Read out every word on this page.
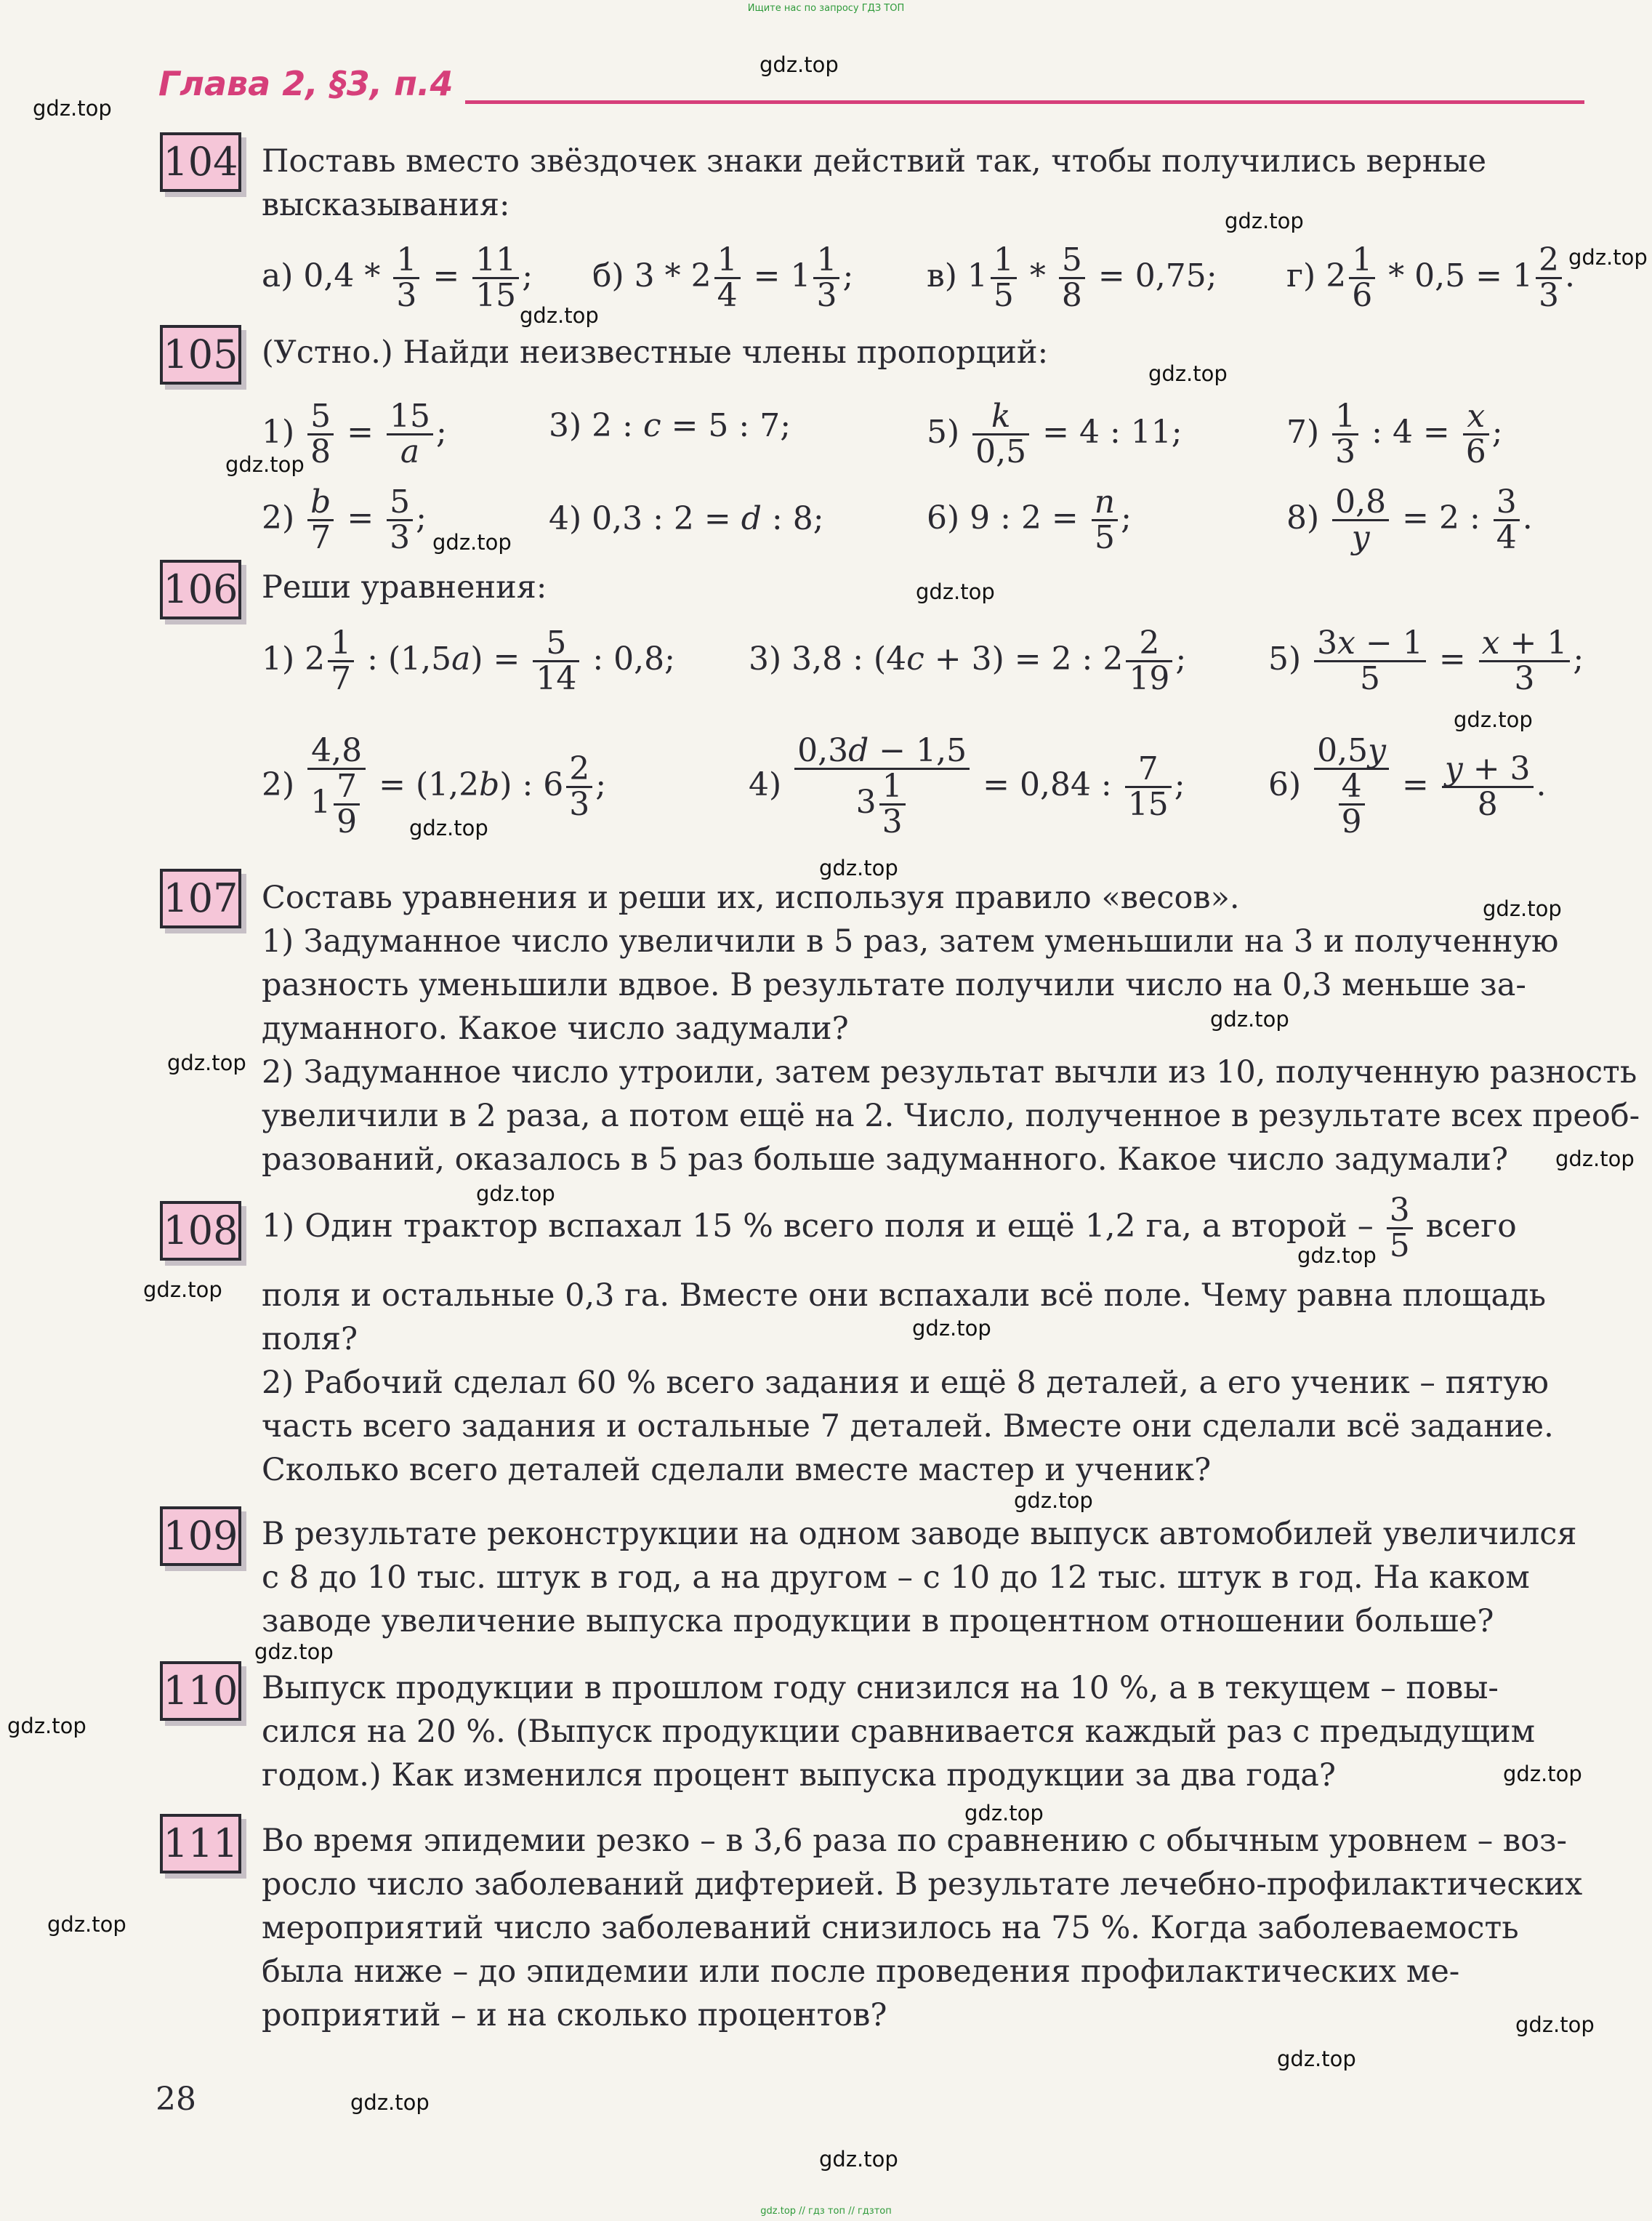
Ищите нас по запросу ГДЗ ТОП
Глава 2, §3, п.4
104 Поставь вместо звёздочек знаки действий так, чтобы получились верные
высказывания:
а) $0,4 * \frac{1}{3} = \frac{11}{15}$ ; б) $3 * 2 \frac{1}{4} = 1 \frac{1}{3}$ ; в) $1 \frac{1}{5} * \frac{5}{8} = 0,75$; г) $2 \frac{1}{6} * 0,5 = 1 \frac{2}{3}$ .
105 (Устно.) Найди неизвестные члены пропорций:
$1) \frac{5}{8} = \frac{15}{a}$ ;	3) 2 : c = 5 : 7;	$5) \frac{k}{0,5} = 4$ : 11;	$7) \frac{1}{3}$ : $4 = \frac{x}{6}$ ;
$2) \frac{b}{7} = \frac{5}{3}$ ;	4) 0,3 : 2 = d : 8;	6) 9 : $2 = \frac{n}{5}$ ;	$8) \frac{0,8}{y} = 2$ : $\frac{3}{4}$ .
106 Реши уравнения:
1) $2 \frac{1}{7}$ : $(1,5a) = \frac{5}{14}$ : 0,8; 3) 3,8 : (4c + 3) = 2 : $2 \frac{2}{19}$ ;	$5) \frac{3x - 1}{5} = \frac{x + 1}{3}$ ;
$2) \frac{4,8}{1 \frac{7}{9}} = (1,2b)$ : $6 \frac{2}{3}$ ;	$4) \frac{0,3d - 1,5}{3 \frac{1}{3}} = 0,84$ : $\frac{7}{15}$ ;	$6) \frac{0,5y}{\frac{4}{9}} = \frac{y + 3}{8}$ .
107 Составь уравнения и реши их, используя правило «весов».
1) Задуманное число увеличили в 5 раз, затем уменьшили на 3 и полученную
разность уменьшили вдвое. В результате получили число на 0,3 меньше за-
думанного. Какое число задумали?
2) Задуманное число утроили, затем результат вычли из 10, полученную разность
увеличили в 2 раза, а потом ещё на 2. Число, полученное в результате всех преоб-
разований, оказалось в 5 раз больше задуманного. Какое число задумали?
108 1) Один трактор вспахал 15 % всего поля и ещё 1,2 га, а второй – $\frac{3}{5}$ всего
поля и остальные 0,3 га. Вместе они вспахали всё поле. Чему равна площадь
поля?
2) Рабочий сделал 60 % всего задания и ещё 8 деталей, а его ученик – пятую
часть всего задания и остальные 7 деталей. Вместе они сделали всё задание.
Сколько всего деталей сделали вместе мастер и ученик?
109 В результате реконструкции на одном заводе выпуск автомобилей увеличился
с 8 до 10 тыс. штук в год, а на другом – с 10 до 12 тыс. штук в год. На каком
заводе увеличение выпуска продукции в процентном отношении больше?
110 Выпуск продукции в прошлом году снизился на 10 %, а в текущем – повы-
сился на 20 %. (Выпуск продукции сравнивается каждый раз с предыдущим
годом.) Как изменился процент выпуска продукции за два года?
111 Во время эпидемии резко – в 3,6 раза по сравнению с обычным уровнем – воз-
росло число заболеваний дифтерией. В результате лечебно-профилактических
мероприятий число заболеваний снизилось на 75 %. Когда заболеваемость
была ниже – до эпидемии или после проведения профилактических ме-
роприятий – и на сколько процентов?
28
gdz.top
gdz.top
gdz.top
gdz.top
gdz.top
gdz.top
gdz.top
gdz.top
gdz.top
gdz.top
gdz.top
gdz.top
gdz.top
gdz.top
gdz.top
gdz.top
gdz.top
gdz.top
gdz.top
gdz.top
gdz.top
gdz.top
gdz.top
gdz.top
gdz.top
gdz.top
gdz.top
gdz.top
gdz.top
gdz.top
gdz.top // гдз топ // гдзтоп
